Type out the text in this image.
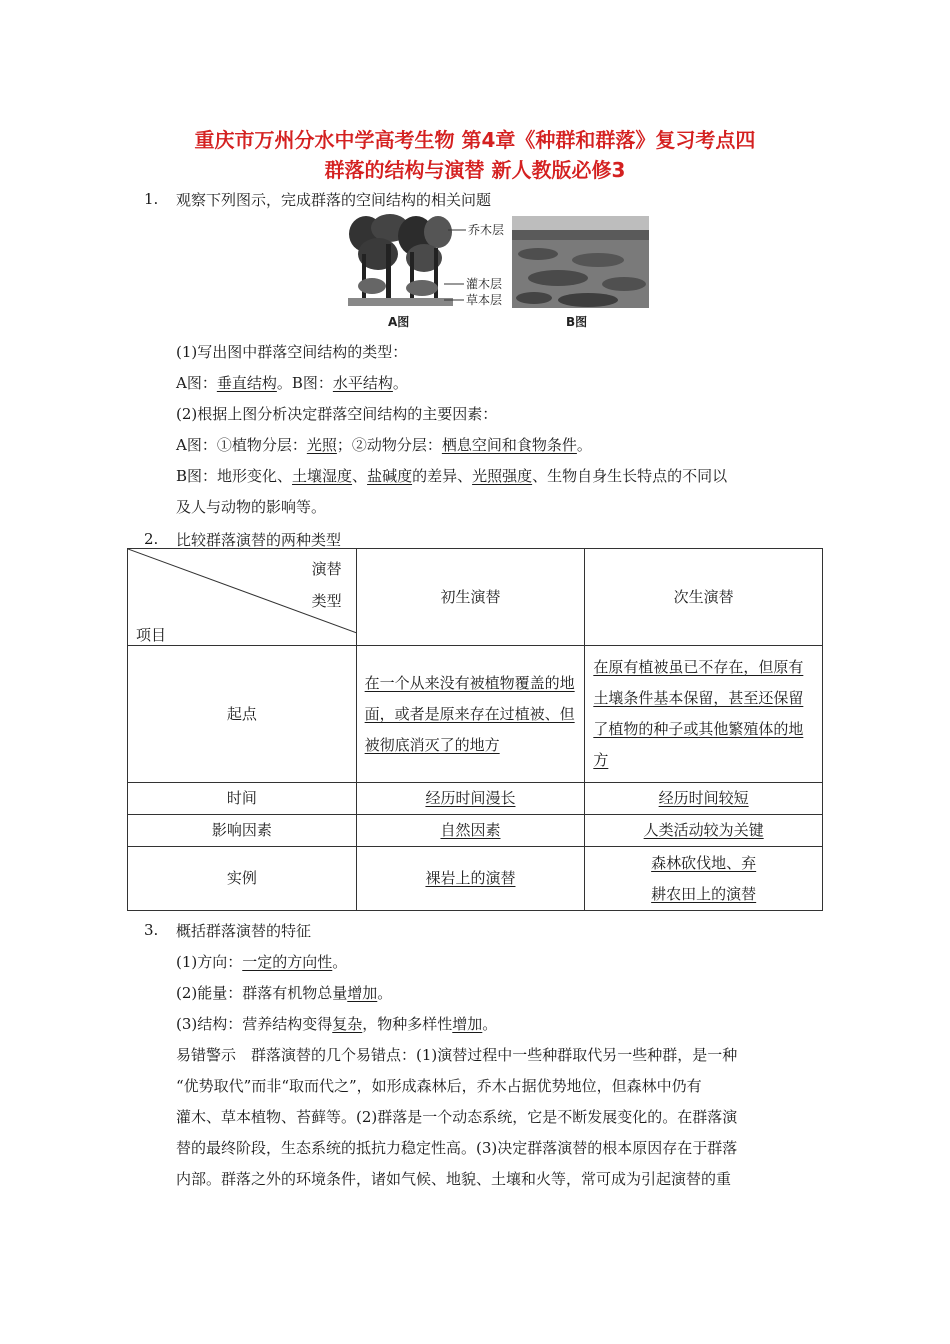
重庆市万州分水中学高考生物 第4章《种群和群落》复习考点四
群落的结构与演替 新人教版必修3
1. 观察下列图示，完成群落的空间结构的相关问题
乔木层
灌木层
草本层
A图	B图
(1)写出图中群落空间结构的类型：
A图：垂直结构。B图：水平结构。
(2)根据上图分析决定群落空间结构的主要因素：
A图：①植物分层：光照；②动物分层：栖息空间和食物条件。
B图：地形变化、土壤湿度、盐碱度的差异、光照强度、生物自身生长特点的不同以
及人与动物的影响等。
2. 比较群落演替的两种类型
演替
类型
项目	初生演替	次生演替
起点	在一个从来没有被植物覆盖的地面，或者是原来存在过植被、但被彻底消灭了的地方	在原有植被虽已不存在，但原有土壤条件基本保留，甚至还保留了植物的种子或其他繁殖体的地方
时间	经历时间漫长	经历时间较短
影响因素	自然因素	人类活动较为关键
实例	裸岩上的演替	森林砍伐地、弃
耕农田上的演替
3. 概括群落演替的特征
(1)方向：一定的方向性。
(2)能量：群落有机物总量增加。
(3)结构：营养结构变得复杂，物种多样性增加。
易错警示　群落演替的几个易错点：(1)演替过程中一些种群取代另一些种群，是一种
“优势取代”而非“取而代之”，如形成森林后，乔木占据优势地位，但森林中仍有
灌木、草本植物、苔藓等。(2)群落是一个动态系统，它是不断发展变化的。在群落演
替的最终阶段，生态系统的抵抗力稳定性高。(3)决定群落演替的根本原因存在于群落
内部。群落之外的环境条件，诸如气候、地貌、土壤和火等，常可成为引起演替的重
